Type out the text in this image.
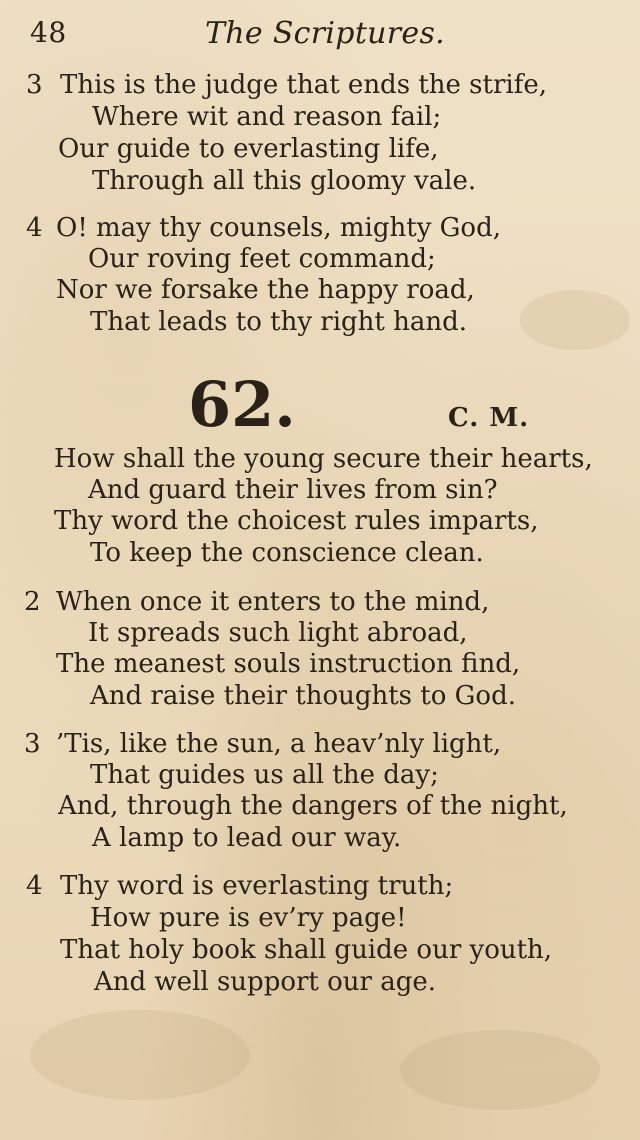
48	The Scriptures.
3 This is the judge that ends the strife,
Where wit and reason fail;
Our guide to everlasting life,
Through all this gloomy vale.
4 O! may thy counsels, mighty God,
Our roving feet command;
Nor we forsake the happy road,
That leads to thy right hand.
62.	C. M.
How shall the young secure their hearts,
And guard their lives from sin?
Thy word the choicest rules imparts,
To keep the conscience clean.
2 When once it enters to the mind,
It spreads such light abroad,
The meanest souls instruction find,
And raise their thoughts to God.
3 ’Tis, like the sun, a heav’nly light,
That guides us all the day;
And, through the dangers of the night,
A lamp to lead our way.
4 Thy word is everlasting truth;
How pure is ev’ry page!
That holy book shall guide our youth,
And well support our age.
